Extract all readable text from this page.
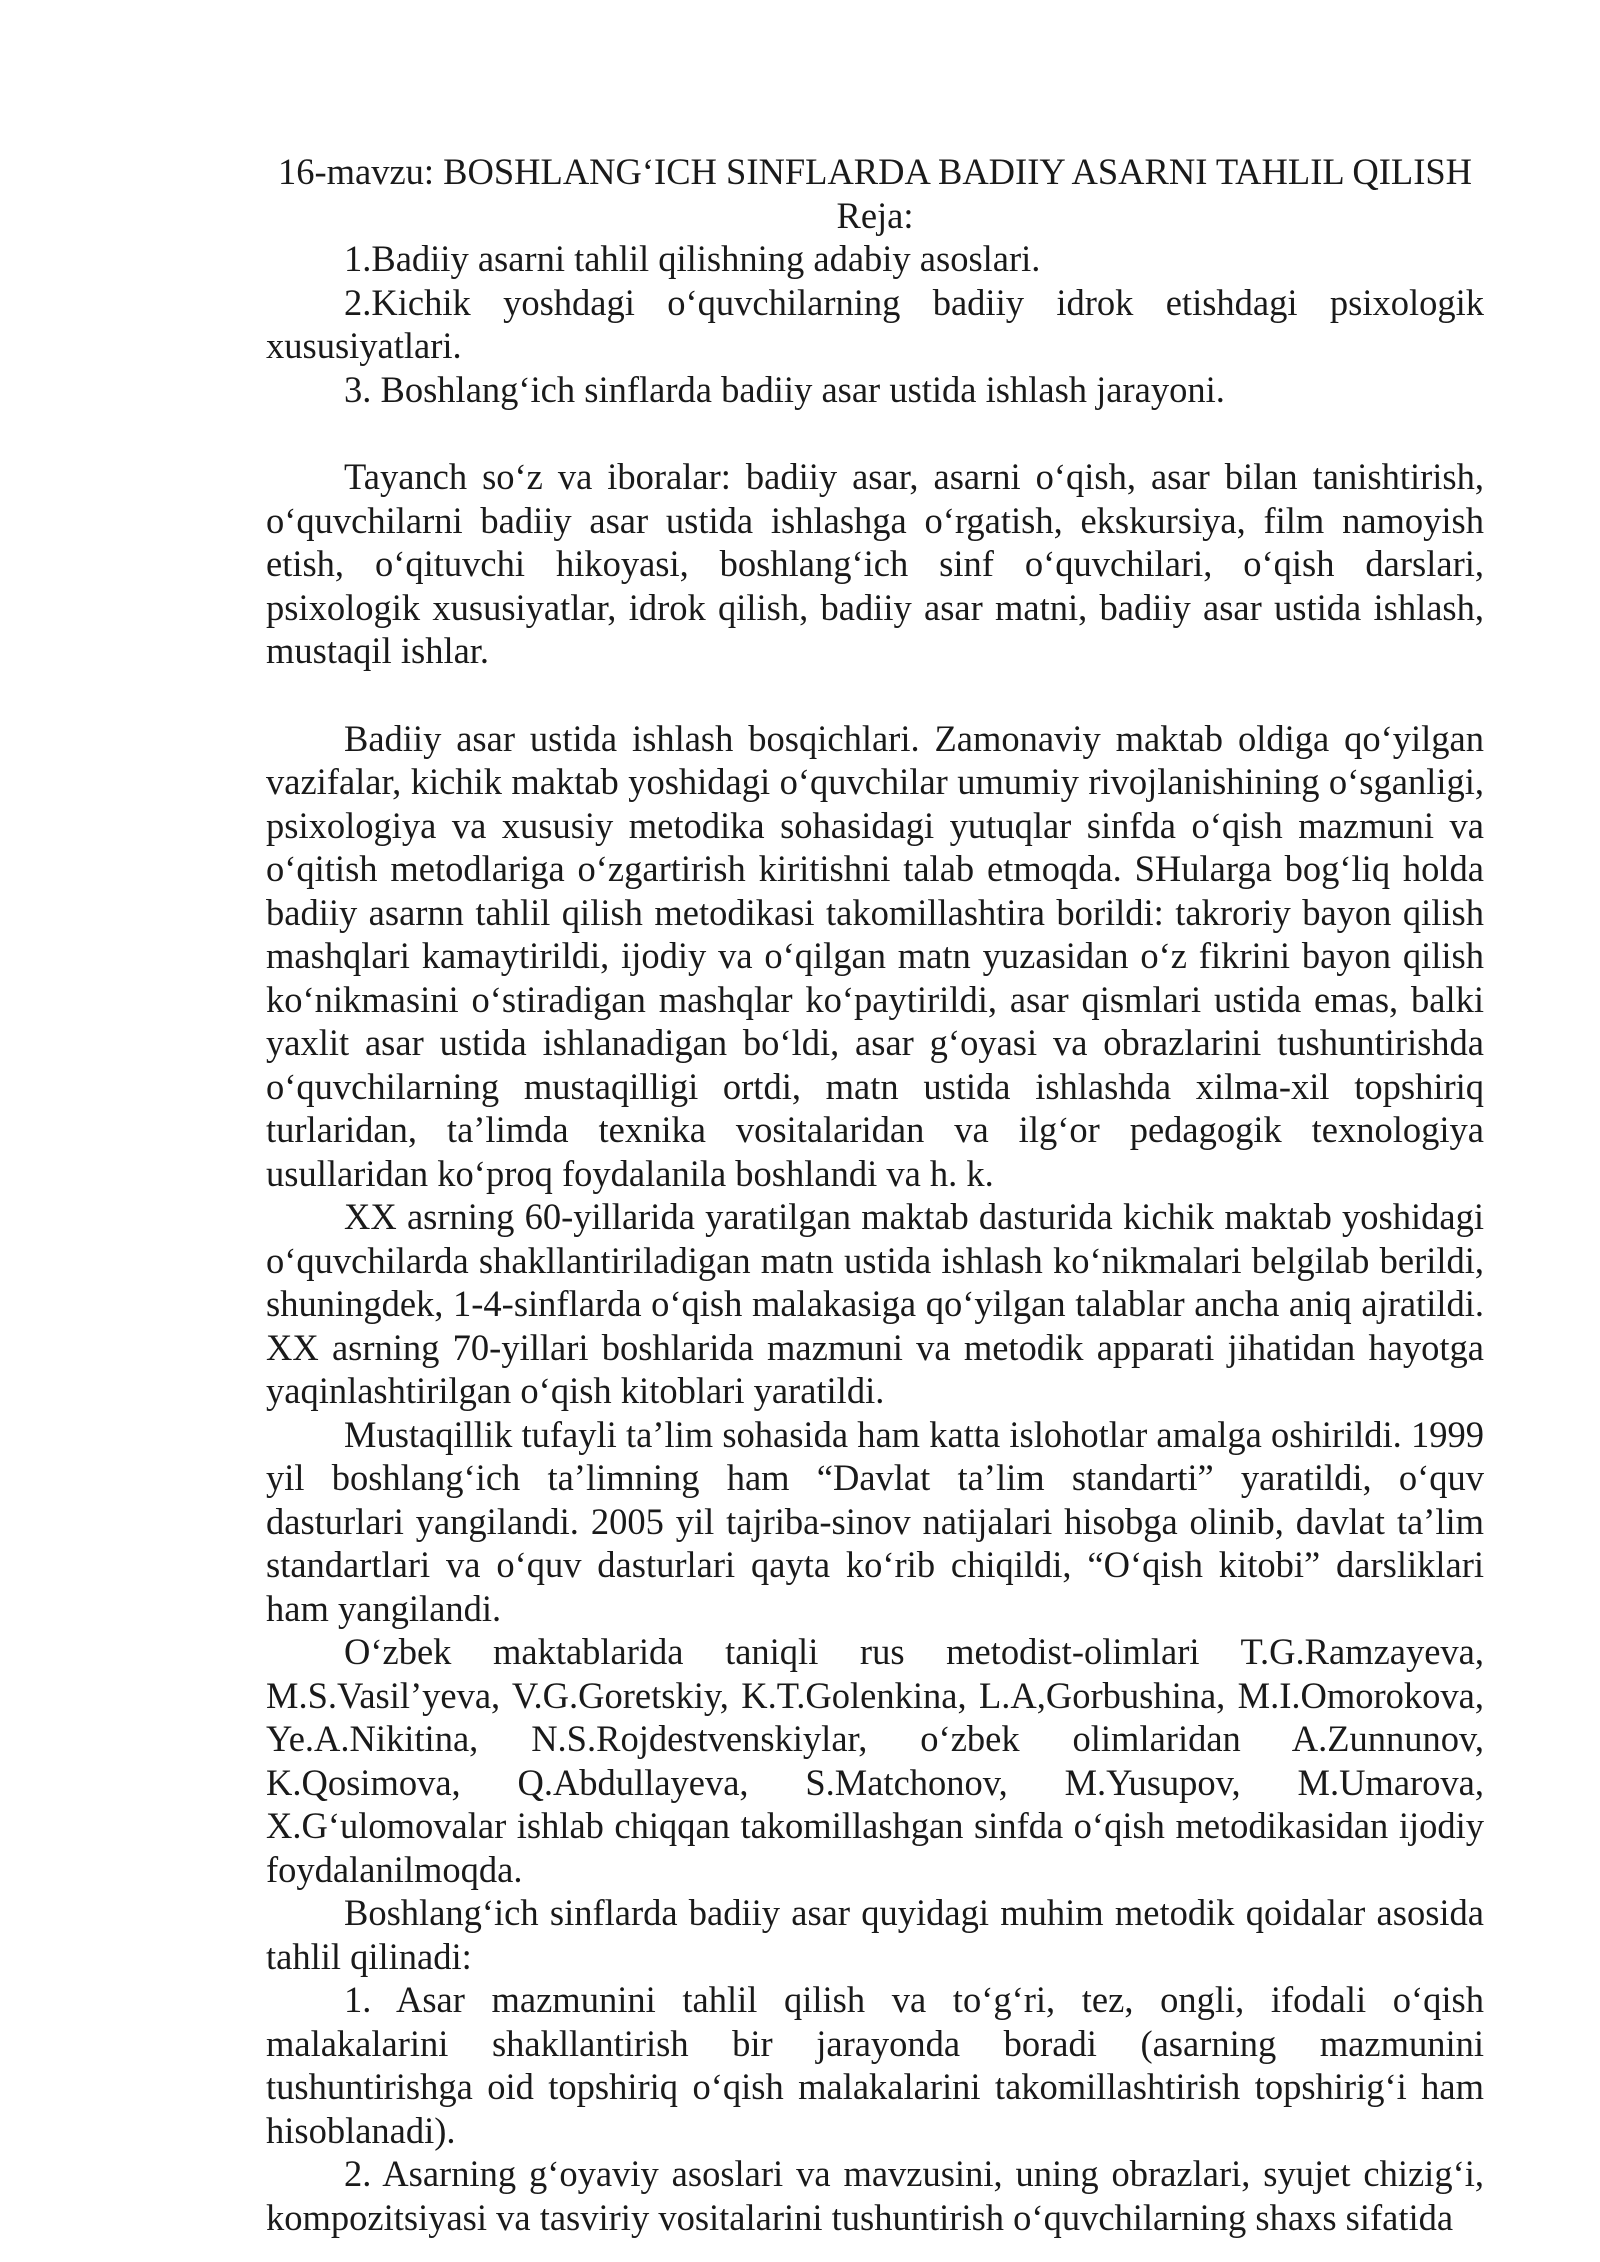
16-mavzu: BOSHLANG‘ICH SINFLARDA BADIIY ASARNI TAHLIL QILISH
Reja:

1.Badiiy asarni tahlil qilishning adabiy asoslari.

2.Kichik yoshdagi o‘quvchilarning badiiy idrok etishdagi psixologik xususiyatlari.

3. Boshlang‘ich sinflarda badiiy asar ustida ishlash jarayoni.

Tayanch so‘z va iboralar: badiiy asar, asarni o‘qish, asar bilan tanishtirish, o‘quvchilarni badiiy asar ustida ishlashga o‘rgatish, ekskursiya, film namoyish etish, o‘qituvchi hikoyasi, boshlang‘ich sinf o‘quvchilari, o‘qish darslari, psixologik xususiyatlar, idrok qilish, badiiy asar matni, badiiy asar ustida ishlash, mustaqil ishlar.

Badiiy asar ustida ishlash bosqichlari. Zamonaviy maktab oldiga qo‘yilgan vazifalar, kichik maktab yoshidagi o‘quvchilar umumiy rivojlanishining o‘sganligi, psixologiya va xususiy metodika sohasidagi yutuqlar sinfda o‘qish mazmuni va o‘qitish metodlariga o‘zgartirish kiritishni talab etmoqda. SHularga bog‘liq holda badiiy asarnn tahlil qilish metodikasi takomillashtira borildi: takroriy bayon qilish mashqlari kamaytirildi, ijodiy va o‘qilgan matn yuzasidan o‘z fikrini bayon qilish ko‘nikmasini o‘stiradigan mashqlar ko‘paytirildi, asar qismlari ustida emas, balki yaxlit asar ustida ishlanadigan bo‘ldi, asar g‘oyasi va obrazlarini tushuntirishda o‘quvchilarning mustaqilligi ortdi, matn ustida ishlashda xilma-xil topshiriq turlaridan, ta’limda texnika vositalaridan va ilg‘or pedagogik texnologiya usullaridan ko‘proq foydalanila boshlandi va h. k.

XX asrning 60-yillarida yaratilgan maktab dasturida kichik maktab yoshidagi o‘quvchilarda shakllantiriladigan matn ustida ishlash ko‘nikmalari belgilab berildi, shuningdek, 1-4-sinflarda o‘qish malakasiga qo‘yilgan talablar ancha aniq ajratildi. XX asrning 70-yillari boshlarida mazmuni va metodik apparati jihatidan hayotga yaqinlashtirilgan o‘qish kitoblari yaratildi.

Mustaqillik tufayli ta’lim sohasida ham katta islohotlar amalga oshirildi. 1999 yil boshlang‘ich ta’limning ham “Davlat ta’lim standarti” yaratildi, o‘quv dasturlari yangilandi. 2005 yil tajriba-sinov natijalari hisobga olinib, davlat ta’lim standartlari va o‘quv dasturlari qayta ko‘rib chiqildi, “O‘qish kitobi” darsliklari ham yangilandi.

O‘zbek maktablarida taniqli rus metodist-olimlari T.G.Ramzayeva, M.S.Vasil’yeva, V.G.Goretskiy, K.T.Golenkina, L.A,Gorbushina, M.I.Omorokova, Ye.A.Nikitina, N.S.Rojdestvenskiylar, o‘zbek olimlaridan A.Zunnunov, K.Qosimova, Q.Abdullayeva, S.Matchonov, M.Yusupov, M.Umarova, X.G‘ulomovalar ishlab chiqqan takomillashgan sinfda o‘qish metodikasidan ijodiy foydalanilmoqda.

Boshlang‘ich sinflarda badiiy asar quyidagi muhim metodik qoidalar asosida tahlil qilinadi:

1. Asar mazmunini tahlil qilish va to‘g‘ri, tez, ongli, ifodali o‘qish malakalarini shakllantirish bir jarayonda boradi (asarning mazmunini tushuntirishga oid topshiriq o‘qish malakalarini takomillashtirish topshirig‘i ham hisoblanadi).

2. Asarning g‘oyaviy asoslari va mavzusini, uning obrazlari, syujet chizig‘i, kompozitsiyasi va tasviriy vositalarini tushuntirish o‘quvchilarning shaxs sifatida
